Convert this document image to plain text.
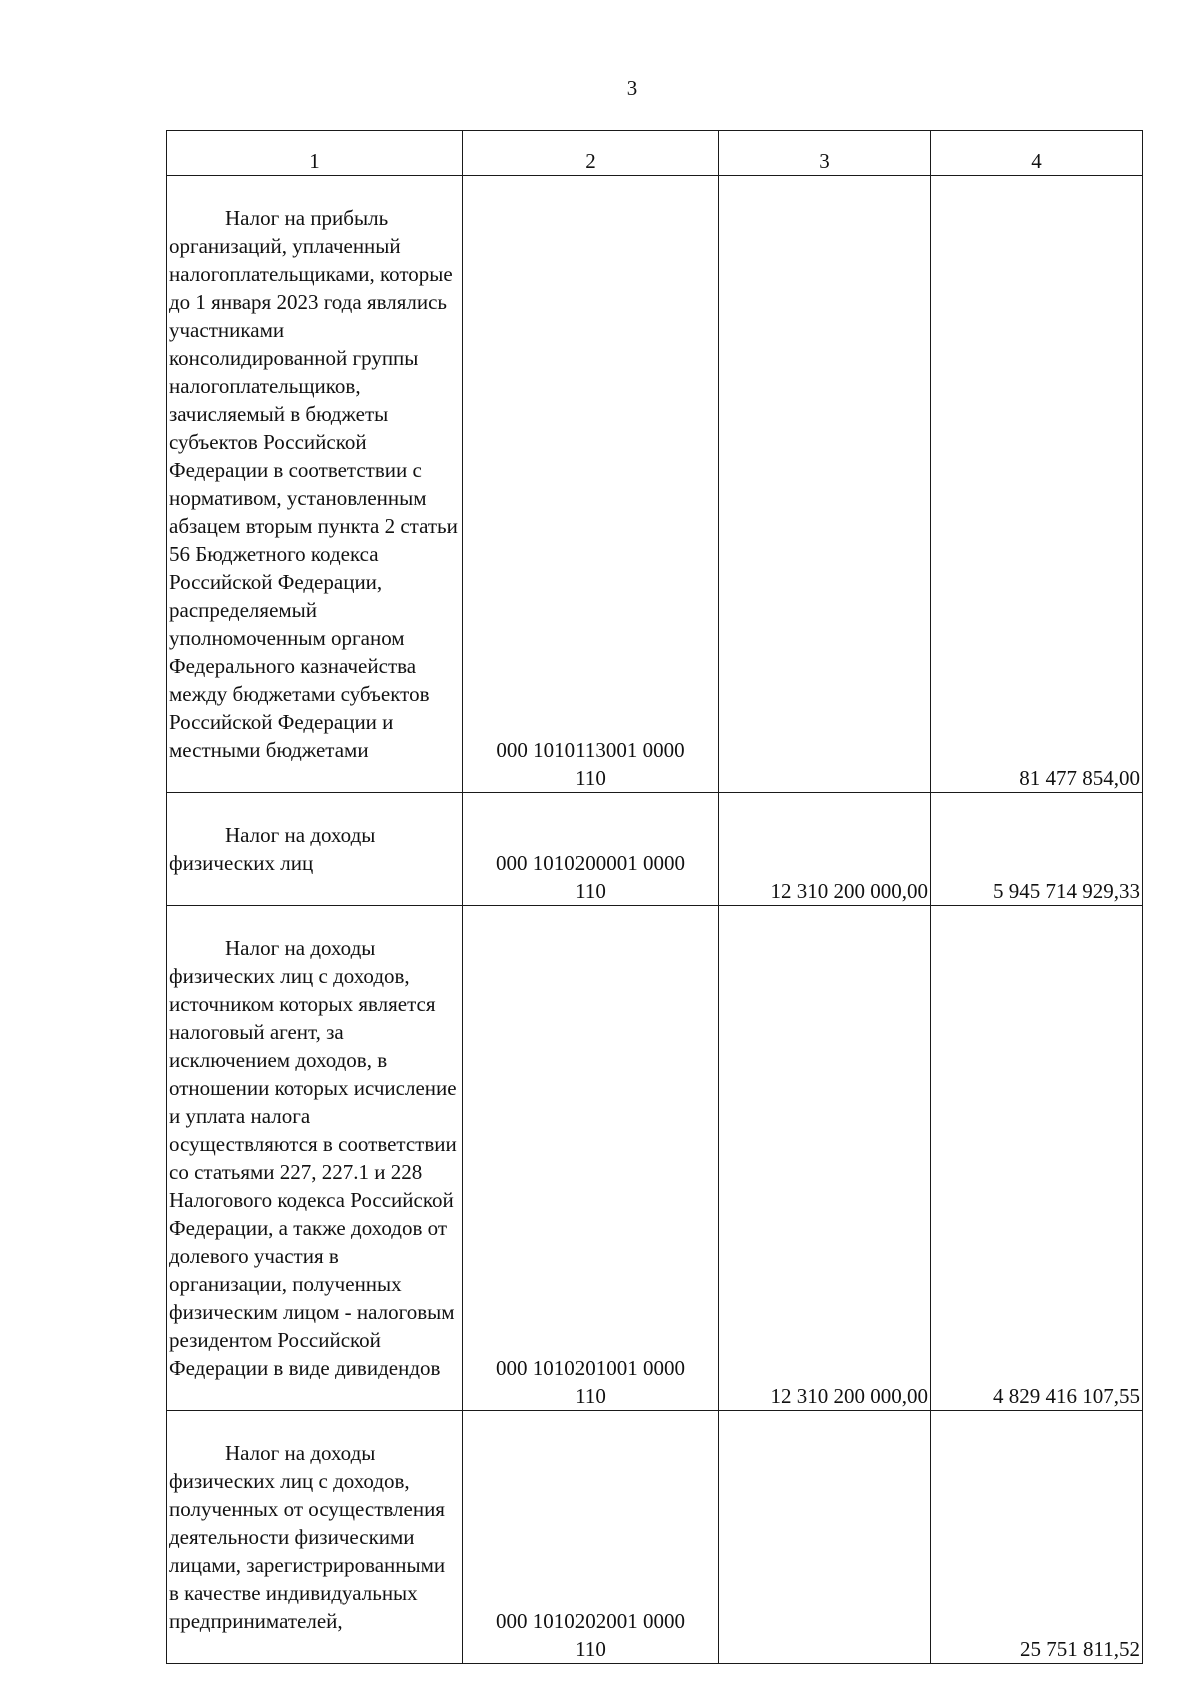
3
1	2	3	4

Налог на прибыль организаций, уплаченный налогоплательщиками, которые до 1 января 2023 года являлись участниками консолидированной группы налогоплательщиков, зачисляемый в бюджеты субъектов Российской Федерации в соответствии с нормативом, установленным абзацем вторым пункта 2 статьи 56 Бюджетного кодекса Российской Федерации, распределяемый уполномоченным органом Федерального казначейства между бюджетами субъектов Российской Федерации и местными бюджетами	000 1010113001 0000
110		81 477 854,00

Налог на доходы физических лиц	000 1010200001 0000
110	12 310 200 000,00	5 945 714 929,33

Налог на доходы физических лиц с доходов, источником которых является налоговый агент, за исключением доходов, в отношении которых исчисление и уплата налога осуществляются в соответствии со статьями 227, 227.1 и 228 Налогового кодекса Российской Федерации, а также доходов от долевого участия в организации, полученных физическим лицом - налоговым резидентом Российской Федерации в виде дивидендов	000 1010201001 0000
110	12 310 200 000,00	4 829 416 107,55

Налог на доходы физических лиц с доходов, полученных от осуществления деятельности физическими лицами, зарегистрированными в качестве индивидуальных предпринимателей,	000 1010202001 0000
110		25 751 811,52
